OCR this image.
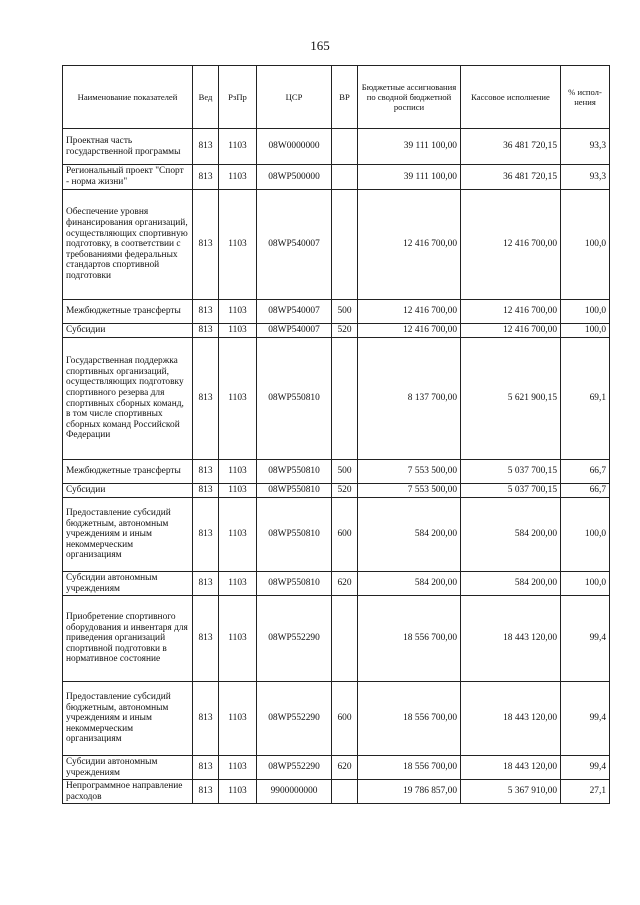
165
Наименование показателей	Вед	РзПр	ЦСР	ВР	Бюджетные ассигнования по сводной бюджетной росписи	Кассовое исполнение	% испол-нения
Проектная часть государственной программы	813	1103	08W0000000		39 111 100,00	36 481 720,15	93,3
Региональный проект "Спорт - норма жизни"	813	1103	08WP500000		39 111 100,00	36 481 720,15	93,3
Обеспечение уровня финансирования организаций, осуществляющих спортивную подготовку, в соответствии с требованиями федеральных стандартов спортивной подготовки	813	1103	08WP540007		12 416 700,00	12 416 700,00	100,0
Межбюджетные трансферты	813	1103	08WP540007	500	12 416 700,00	12 416 700,00	100,0
Субсидии	813	1103	08WP540007	520	12 416 700,00	12 416 700,00	100,0
Государственная поддержка спортивных организаций, осуществляющих подготовку спортивного резерва для спортивных сборных команд, в том числе спортивных сборных команд Российской Федерации	813	1103	08WP550810		8 137 700,00	5 621 900,15	69,1
Межбюджетные трансферты	813	1103	08WP550810	500	7 553 500,00	5 037 700,15	66,7
Субсидии	813	1103	08WP550810	520	7 553 500,00	5 037 700,15	66,7
Предоставление субсидий бюджетным, автономным учреждениям и иным некоммерческим организациям	813	1103	08WP550810	600	584 200,00	584 200,00	100,0
Субсидии автономным учреждениям	813	1103	08WP550810	620	584 200,00	584 200,00	100,0
Приобретение спортивного оборудования и инвентаря для приведения организаций спортивной подготовки в нормативное состояние	813	1103	08WP552290		18 556 700,00	18 443 120,00	99,4
Предоставление субсидий бюджетным, автономным учреждениям и иным некоммерческим организациям	813	1103	08WP552290	600	18 556 700,00	18 443 120,00	99,4
Субсидии автономным учреждениям	813	1103	08WP552290	620	18 556 700,00	18 443 120,00	99,4
Непрограммное направление расходов	813	1103	9900000000		19 786 857,00	5 367 910,00	27,1
